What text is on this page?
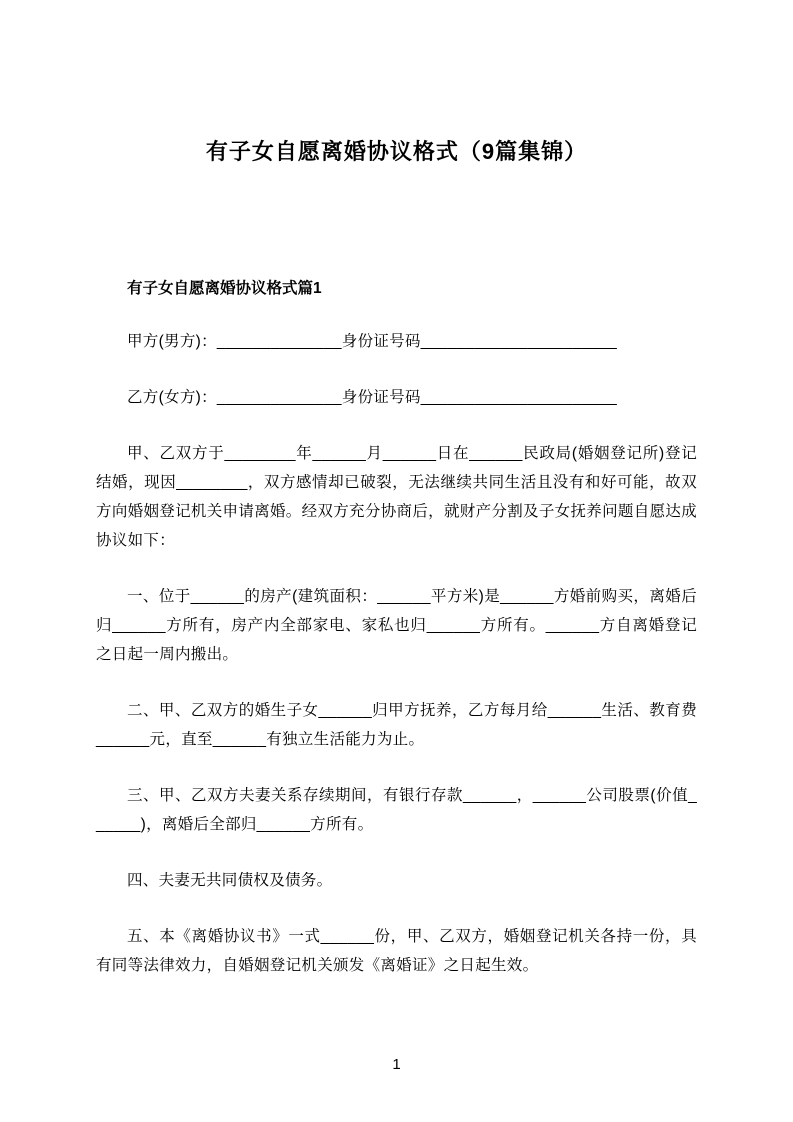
有子女自愿离婚协议格式（9篇集锦）
有子女自愿离婚协议格式篇1

甲方(男方)：______________身份证号码______________________

乙方(女方)：______________身份证号码______________________

甲、乙双方于________年______月______日在______民政局(婚姻登记所)登记结婚，现因________，双方感情却已破裂，无法继续共同生活且没有和好可能，故双方向婚姻登记机关申请离婚。经双方充分协商后，就财产分割及子女抚养问题自愿达成协议如下：

一、位于______的房产(建筑面积：______平方米)是______方婚前购买，离婚后归______方所有，房产内全部家电、家私也归______方所有。______方自离婚登记之日起一周内搬出。

二、甲、乙双方的婚生子女______归甲方抚养，乙方每月给______生活、教育费______元，直至______有独立生活能力为止。

三、甲、乙双方夫妻关系存续期间，有银行存款______，______公司股票(价值______)，离婚后全部归______方所有。

四、夫妻无共同债权及债务。

五、本《离婚协议书》一式______份，甲、乙双方，婚姻登记机关各持一份，具有同等法律效力，自婚姻登记机关颁发《离婚证》之日起生效。

1
